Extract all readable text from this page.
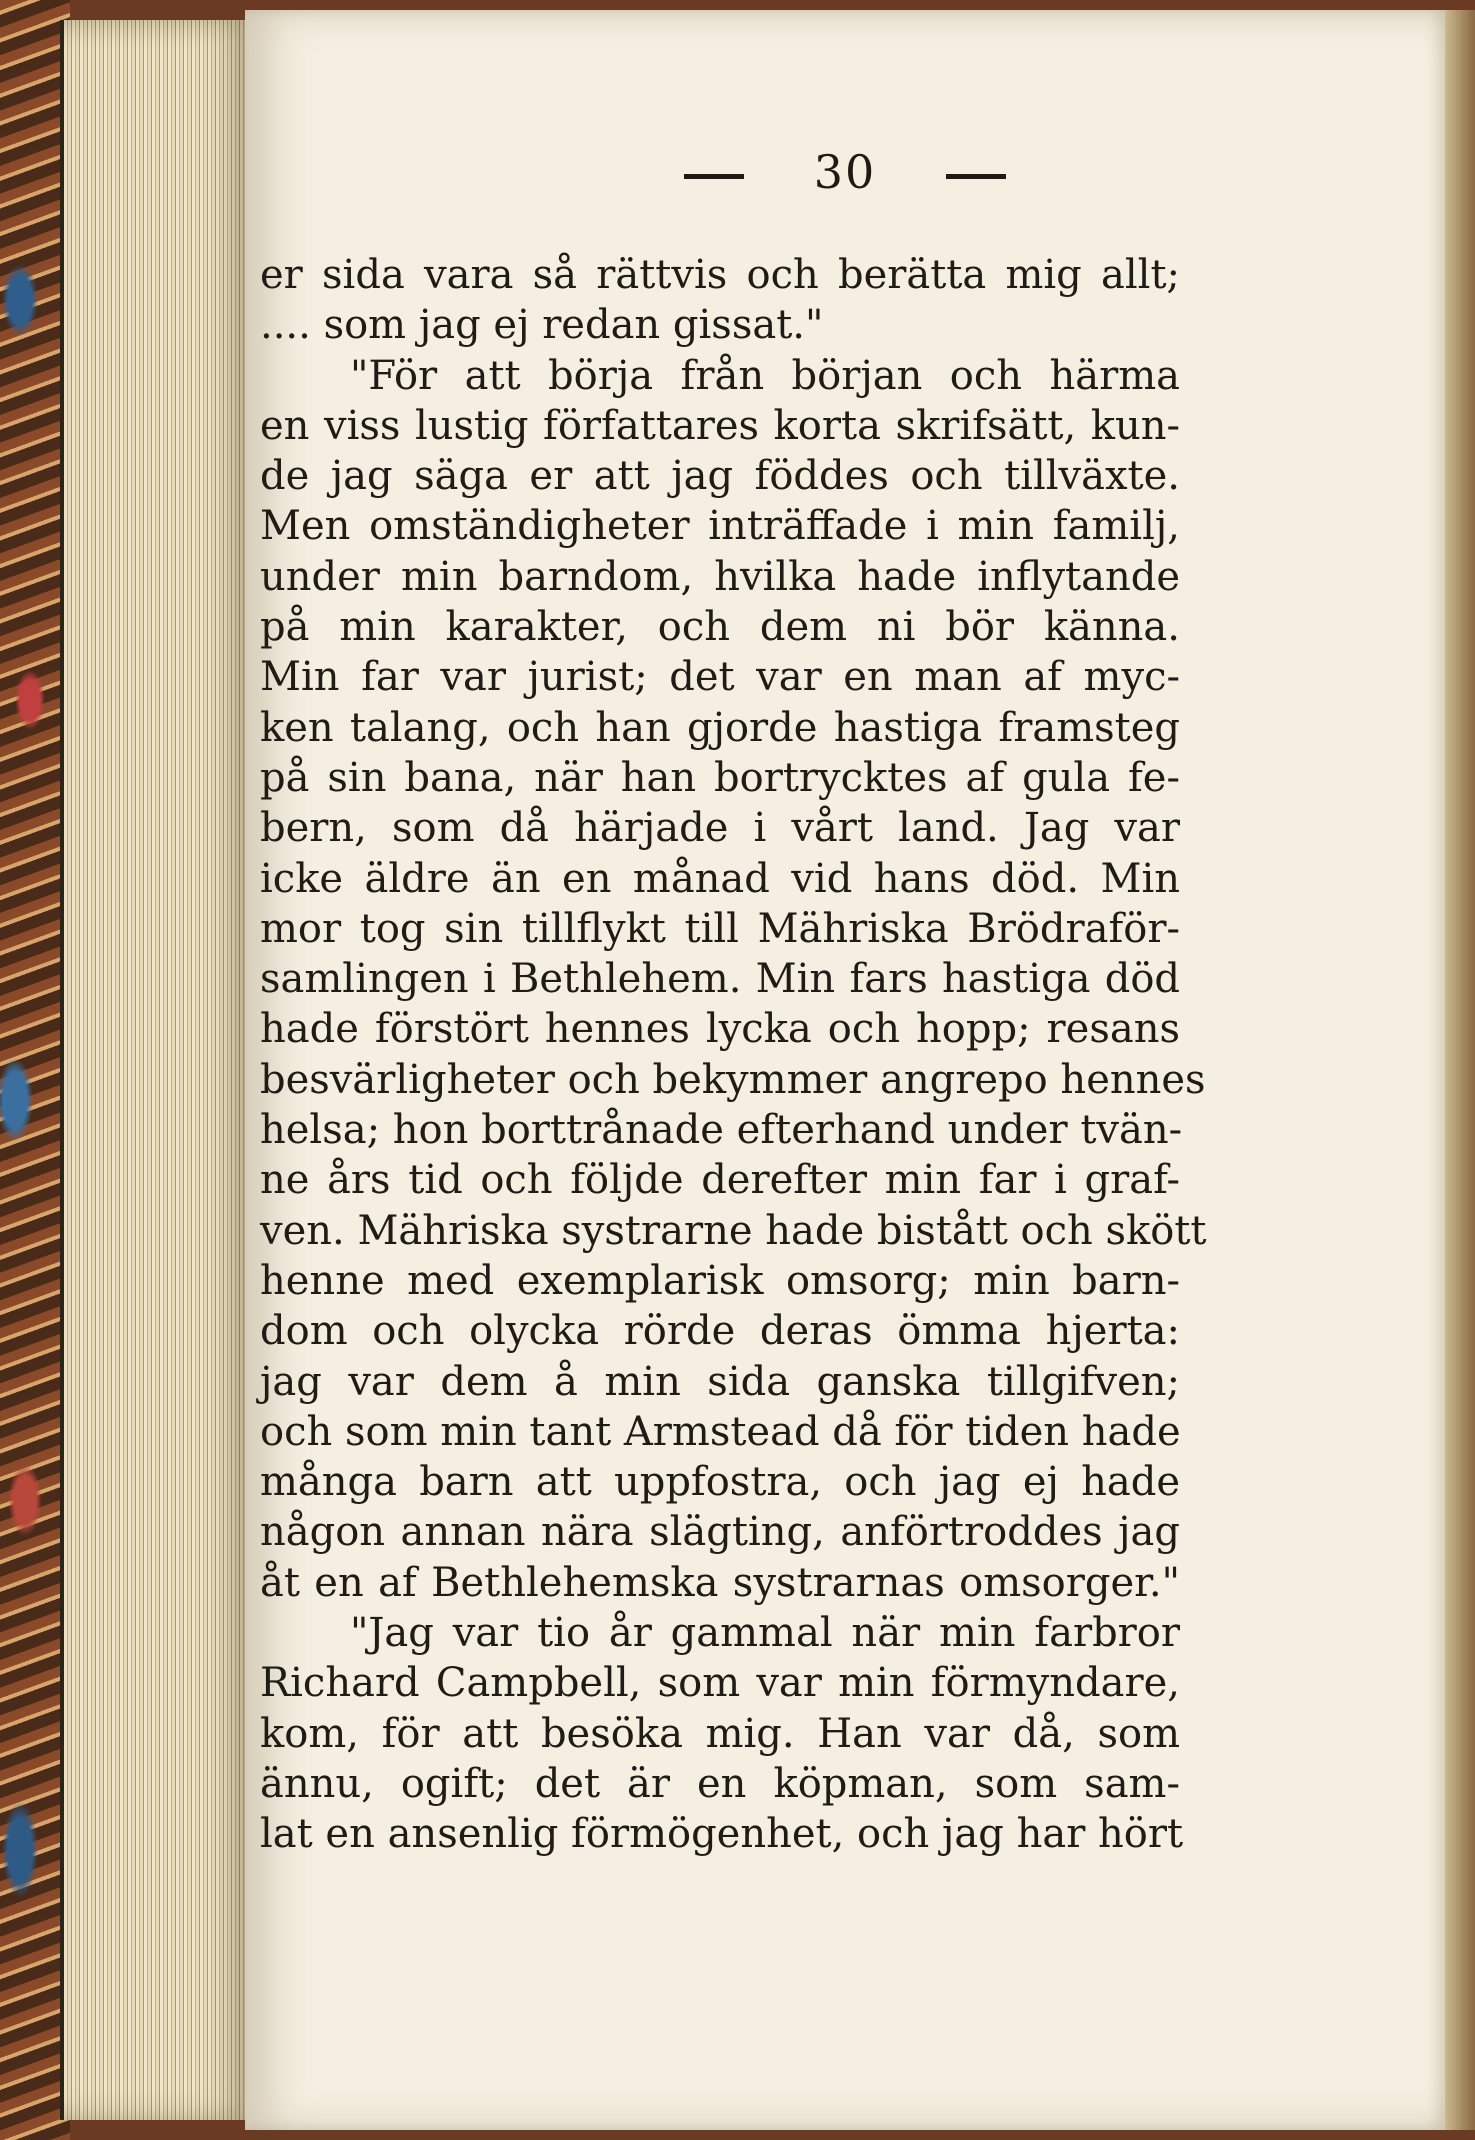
30
er sida vara så rättvis och berätta mig allt;
.... som jag ej redan gissat."
"För att börja från början och härma
en viss lustig författares korta skrifsätt, kun-
de jag säga er att jag föddes och tillväxte.
Men omständigheter inträffade i min familj,
under min barndom, hvilka hade inflytande
på min karakter, och dem ni bör känna.
Min far var jurist; det var en man af myc-
ken talang, och han gjorde hastiga framsteg
på sin bana, när han bortrycktes af gula fe-
bern, som då härjade i vårt land. Jag var
icke äldre än en månad vid hans död. Min
mor tog sin tillflykt till Mähriska Brödraför-
samlingen i Bethlehem. Min fars hastiga död
hade förstört hennes lycka och hopp; resans
besvärligheter och bekymmer angrepo hennes
helsa; hon borttrånade efterhand under tvän-
ne års tid och följde derefter min far i graf-
ven. Mähriska systrarne hade bistått och skött
henne med exemplarisk omsorg; min barn-
dom och olycka rörde deras ömma hjerta:
jag var dem å min sida ganska tillgifven;
och som min tant Armstead då för tiden hade
många barn att uppfostra, och jag ej hade
någon annan nära slägting, anförtroddes jag
åt en af Bethlehemska systrarnas omsorger."
"Jag var tio år gammal när min farbror
Richard Campbell, som var min förmyndare,
kom, för att besöka mig. Han var då, som
ännu, ogift; det är en köpman, som sam-
lat en ansenlig förmögenhet, och jag har hört
